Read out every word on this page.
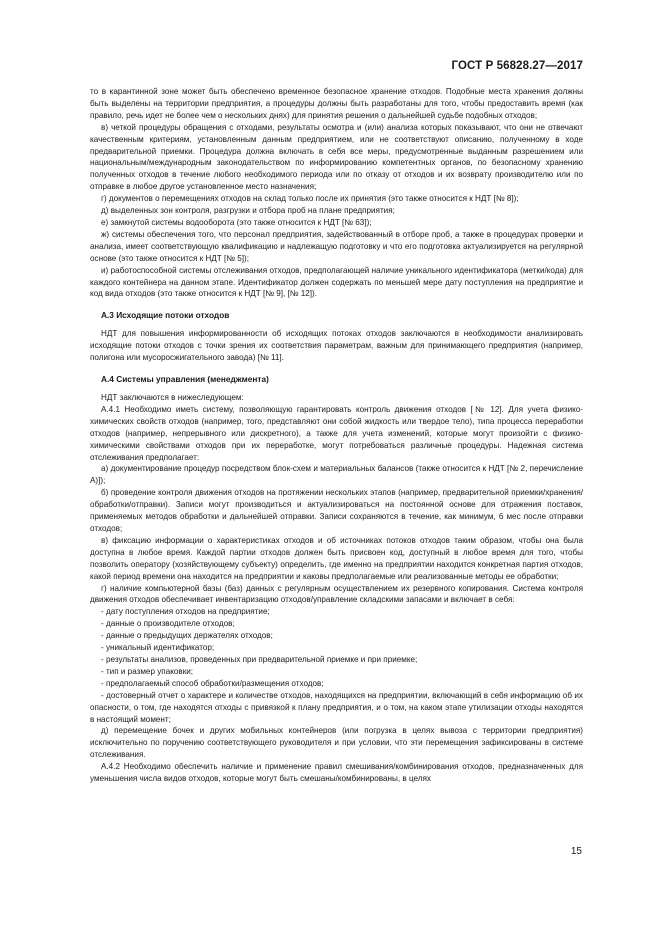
ГОСТ Р 56828.27—2017

то в карантинной зоне может быть обеспечено временное безопасное хранение отходов. Подобные места хранения должны быть выделены на территории предприятия, а процедуры должны быть разработаны для того, чтобы предоставить время (как правило, речь идет не более чем о нескольких днях) для принятия решения о дальнейшей судьбе подобных отходов;

в) четкой процедуры обращения с отходами, результаты осмотра и (или) анализа которых показывают, что они не отвечают качественным критериям, установленным данным предприятием, или не соответствуют описанию, полученному в ходе предварительной приемки. Процедура должна включать в себя все меры, предусмотренные выданным разрешением или национальным/международным законодательством по информированию компетентных органов, по безопасному хранению полученных отходов в течение любого необходимого периода или по отказу от отходов и их возврату производителю или по отправке в любое другое установленное место назначения;

г) документов о перемещениях отходов на склад только после их принятия (это также относится к НДТ [№ 8]);

д) выделенных зон контроля, разгрузки и отбора проб на плане предприятия;

е) замкнутой системы водооборота (это также относится к НДТ [№ 63]);

ж) системы обеспечения того, что персонал предприятия, задействованный в отборе проб, а также в процедурах проверки и анализа, имеет соответствующую квалификацию и надлежащую подготовку и что его подготовка актуализируется на регулярной основе (это также относится к НДТ [№ 5]);

и) работоспособной системы отслеживания отходов, предполагающей наличие уникального идентификатора (метки/кода) для каждого контейнера на данном этапе. Идентификатор должен содержать по меньшей мере дату поступления на предприятие и код вида отходов (это также относится к НДТ [№ 9], [№ 12]).

А.3 Исходящие потоки отходов

НДТ для повышения информированности об исходящих потоках отходов заключаются в необходимости анализировать исходящие потоки отходов с точки зрения их соответствия параметрам, важным для принимающего предприятия (например, полигона или мусоросжигательного завода) [№ 11].

А.4 Системы управления (менеджмента)

НДТ заключаются в нижеследующем:

А.4.1 Необходимо иметь систему, позволяющую гарантировать контроль движения отходов [№ 12]. Для учета физико-химических свойств отходов (например, того, представляют они собой жидкость или твердое тело), типа процесса переработки отходов (например, непрерывного или дискретного), а также для учета изменений, которые могут произойти с физико-химическими свойствами отходов при их переработке, могут потребоваться различные процедуры. Надежная система отслеживания предполагает:

а) документирование процедур посредством блок-схем и материальных балансов (также относится к НДТ [№ 2, перечисление А)]);

б) проведение контроля движения отходов на протяжении нескольких этапов (например, предварительной приемки/хранения/обработки/отправки). Записи могут производиться и актуализироваться на постоянной основе для отражения поставок, применяемых методов обработки и дальнейшей отправки. Записи сохраняются в течение, как минимум, 6 мес после отправки отходов;

в) фиксацию информации о характеристиках отходов и об источниках потоков отходов таким образом, чтобы она была доступна в любое время. Каждой партии отходов должен быть присвоен код, доступный в любое время для того, чтобы позволить оператору (хозяйствующему субъекту) определить, где именно на предприятии находится конкретная партия отходов, какой период времени она находится на предприятии и каковы предполагаемые или реализованные методы ее обработки;

г) наличие компьютерной базы (баз) данных с регулярным осуществлением их резервного копирования. Система контроля движения отходов обеспечивает инвентаризацию отходов/управление складскими запасами и включает в себя:

- дату поступления отходов на предприятие;

- данные о производителе отходов;

- данные о предыдущих держателях отходов;

- уникальный идентификатор;

- результаты анализов, проведенных при предварительной приемке и при приемке;

- тип и размер упаковки;

- предполагаемый способ обработки/размещения отходов;

- достоверный отчет о характере и количестве отходов, находящихся на предприятии, включающий в себя информацию об их опасности, о том, где находятся отходы с привязкой к плану предприятия, и о том, на каком этапе утилизации отходы находятся в настоящий момент;

д) перемещение бочек и других мобильных контейнеров (или погрузка в целях вывоза с территории предприятия) исключительно по поручению соответствующего руководителя и при условии, что эти перемещения зафиксированы в системе отслеживания.

А.4.2 Необходимо обеспечить наличие и применение правил смешивания/комбинирования отходов, предназначенных для уменьшения числа видов отходов, которые могут быть смешаны/комбинированы, в целях

15
